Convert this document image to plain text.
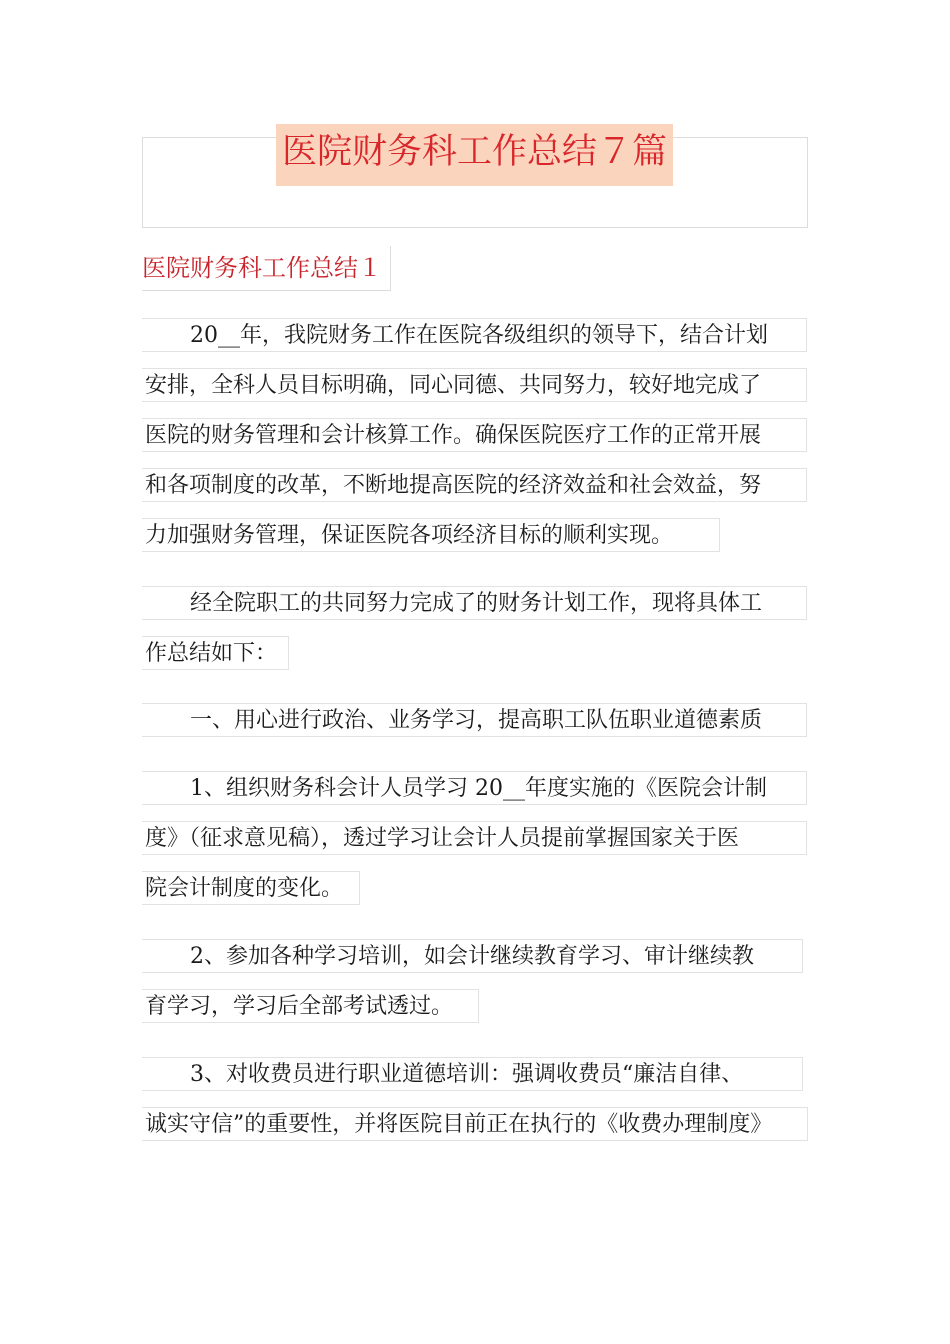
医院财务科工作总结７篇
医院财务科工作总结１
20__年，我院财务工作在医院各级组织的领导下，结合计划
安排，全科人员目标明确，同心同德、共同努力，较好地完成了
医院的财务管理和会计核算工作。确保医院医疗工作的正常开展
和各项制度的改革，不断地提高医院的经济效益和社会效益，努
力加强财务管理，保证医院各项经济目标的顺利实现。
经全院职工的共同努力完成了的财务计划工作，现将具体工
作总结如下：
一、用心进行政治、业务学习，提高职工队伍职业道德素质
1、组织财务科会计人员学习 20__年度实施的《医院会计制
度》（征求意见稿），透过学习让会计人员提前掌握国家关于医
院会计制度的变化。
2、参加各种学习培训，如会计继续教育学习、审计继续教
育学习，学习后全部考试透过。
3、对收费员进行职业道德培训：强调收费员“廉洁自律、
诚实守信”的重要性，并将医院目前正在执行的《收费办理制度》
